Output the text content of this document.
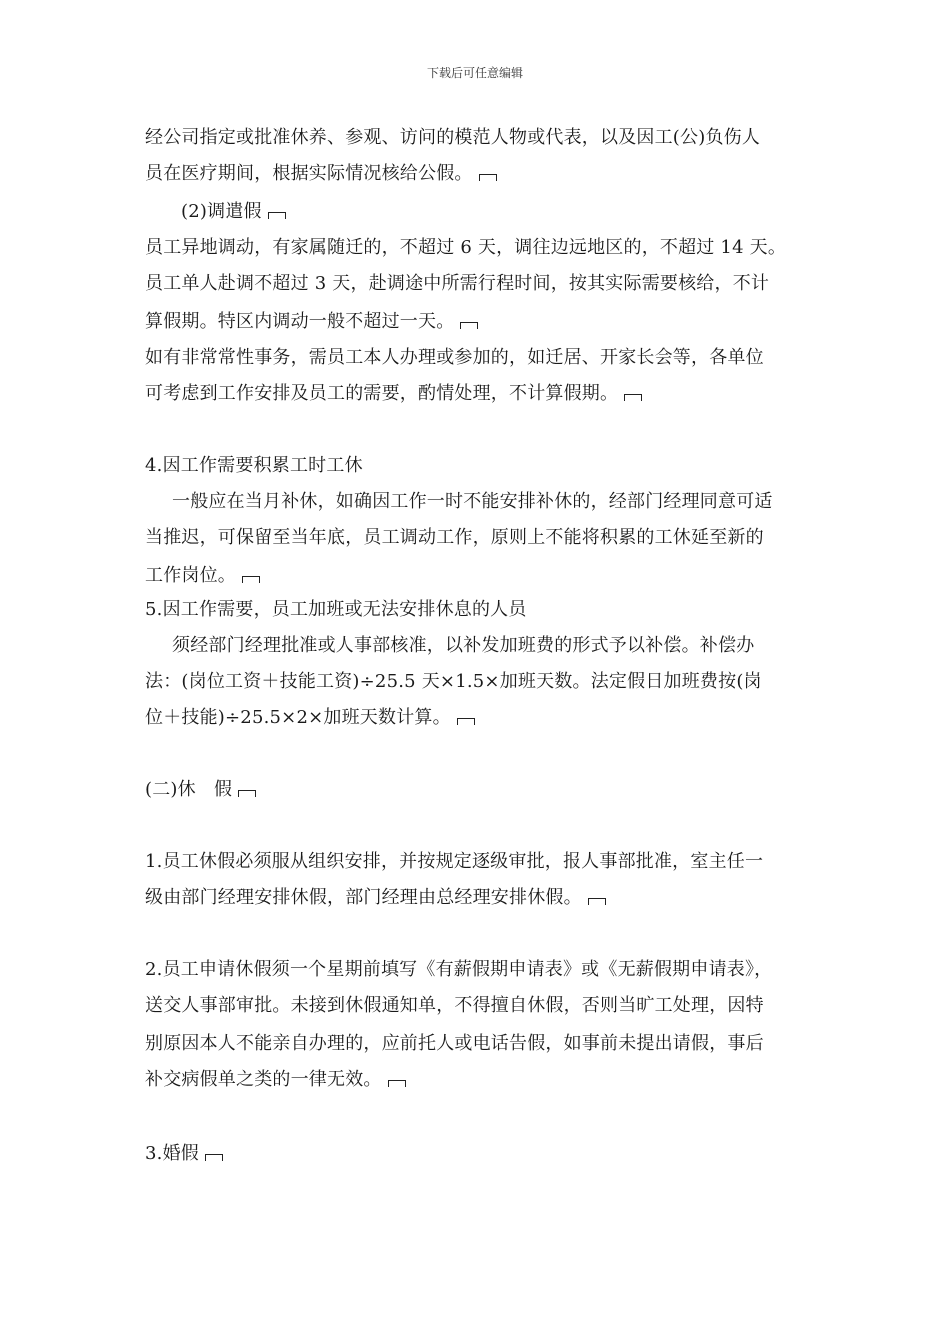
下载后可任意编辑
经公司指定或批准休养、参观、访问的模范人物或代表，以及因工(公)负伤人
员在医疗期间，根据实际情况核给公假。
(2)调遣假
员工异地调动，有家属随迁的，不超过 6 天，调往边远地区的，不超过 14 天。
员工单人赴调不超过 3 天，赴调途中所需行程时间，按其实际需要核给，不计
算假期。特区内调动一般不超过一天。
如有非常常性事务，需员工本人办理或参加的，如迁居、开家长会等，各单位
可考虑到工作安排及员工的需要，酌情处理，不计算假期。
4.因工作需要积累工时工休
一般应在当月补休，如确因工作一时不能安排补休的，经部门经理同意可适
当推迟，可保留至当年底，员工调动工作，原则上不能将积累的工休延至新的
工作岗位。
5.因工作需要，员工加班或无法安排休息的人员
须经部门经理批准或人事部核准，以补发加班费的形式予以补偿。补偿办
法：(岗位工资＋技能工资)÷25.5 天×1.5×加班天数。法定假日加班费按(岗
位＋技能)÷25.5×2×加班天数计算。
(二)休　假
1.员工休假必须服从组织安排，并按规定逐级审批，报人事部批准，室主任一
级由部门经理安排休假，部门经理由总经理安排休假。
2.员工申请休假须一个星期前填写《有薪假期申请表》或《无薪假期申请表》，
送交人事部审批。未接到休假通知单，不得擅自休假，否则当旷工处理，因特
别原因本人不能亲自办理的，应前托人或电话告假，如事前未提出请假，事后
补交病假单之类的一律无效。
3.婚假
